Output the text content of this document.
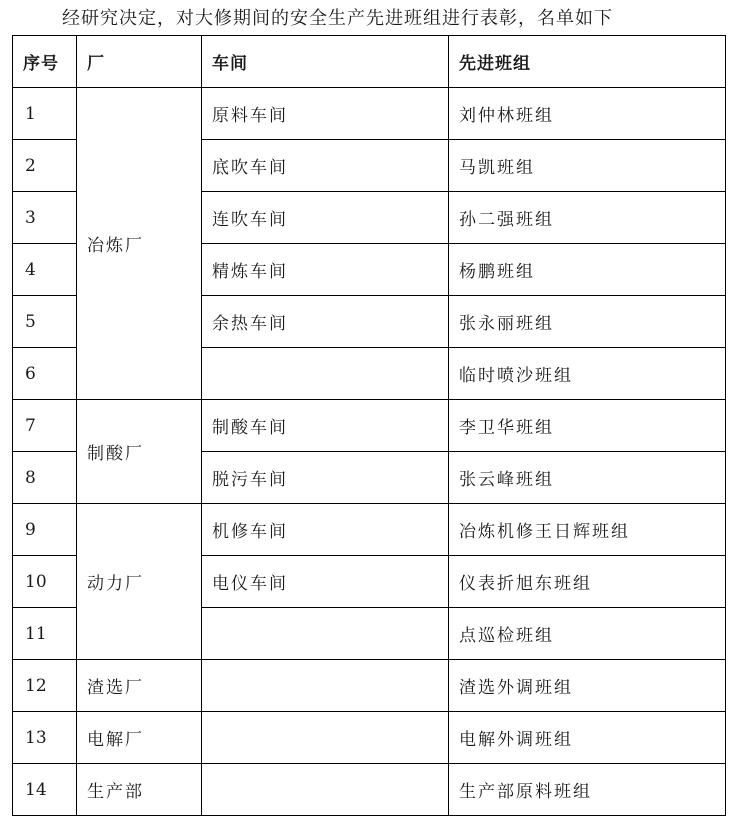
经研究决定，对大修期间的安全生产先进班组进行表彰，名单如下
序号	厂	车间	先进班组
1	冶炼厂	原料车间	刘仲林班组
2		底吹车间	马凯班组
3		连吹车间	孙二强班组
4		精炼车间	杨鹏班组
5		余热车间	张永丽班组
6			临时喷沙班组
7	制酸厂	制酸车间	李卫华班组
8		脱污车间	张云峰班组
9	动力厂	机修车间	冶炼机修王日辉班组
10		电仪车间	仪表折旭东班组
11			点巡检班组
12	渣选厂		渣选外调班组
13	电解厂		电解外调班组
14	生产部		生产部原料班组
